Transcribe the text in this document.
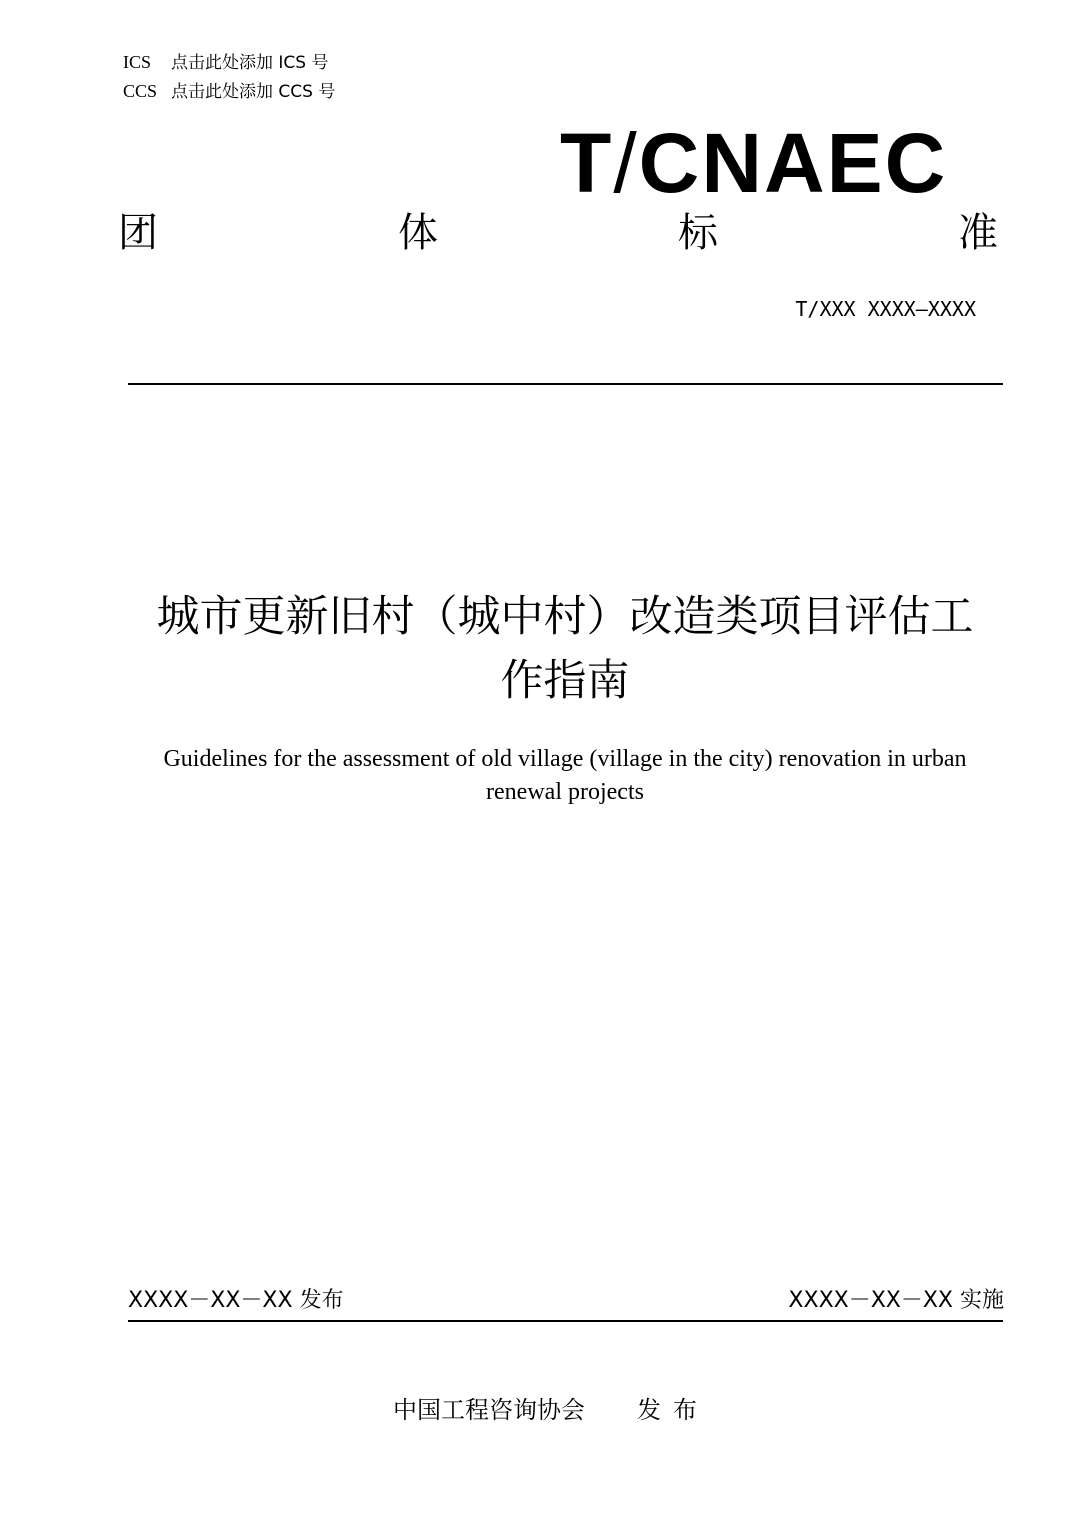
ICS 点击此处添加 ICS 号
CCS 点击此处添加 CCS 号
T/CNAEC
团	体	标	准
T/XXX XXXX—XXXX
城市更新旧村（城中村）改造类项目评估工
作指南
Guidelines for the assessment of old village (village in the city) renovation in urban
renewal projects
XXXX－XX－XX 发布	XXXX－XX－XX 实施
中国工程咨询协会 发布
